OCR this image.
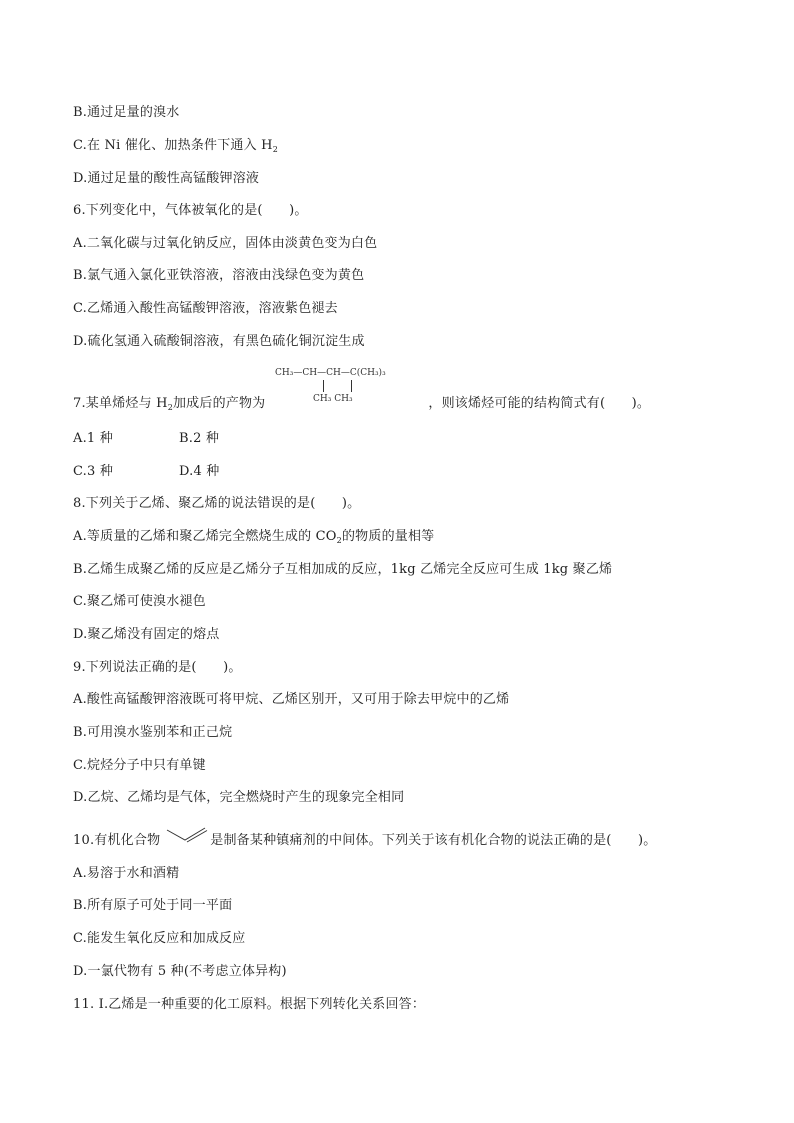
B.通过足量的溴水
C.在 Ni 催化、加热条件下通入 $H_2$
D.通过足量的酸性高锰酸钾溶液
6.下列变化中，气体被氧化的是(　　)。
A.二氧化碳与过氧化钠反应，固体由淡黄色变为白色
B.氯气通入氯化亚铁溶液，溶液由浅绿色变为黄色
C.乙烯通入酸性高锰酸钾溶液，溶液紫色褪去
D.硫化氢通入硫酸铜溶液，有黑色硫化铜沉淀生成
7.某单烯烃与 $H_2$加成后的产物为	，则该烯烃可能的结构简式有(　　)。
CH₃—CH—CH—C(CH₃)₃
CH₃ CH₃
A.1 种	B.2 种
C.3 种	D.4 种
8.下列关于乙烯、聚乙烯的说法错误的是(　　)。
A.等质量的乙烯和聚乙烯完全燃烧生成的 $CO_2$的物质的量相等
B.乙烯生成聚乙烯的反应是乙烯分子互相加成的反应，1kg 乙烯完全反应可生成 1kg 聚乙烯
C.聚乙烯可使溴水褪色
D.聚乙烯没有固定的熔点
9.下列说法正确的是(　　)。
A.酸性高锰酸钾溶液既可将甲烷、乙烯区别开，又可用于除去甲烷中的乙烯
B.可用溴水鉴别苯和正己烷
C.烷烃分子中只有单键
D.乙烷、乙烯均是气体，完全燃烧时产生的现象完全相同
10.有机化合物	是制备某种镇痛剂的中间体。下列关于该有机化合物的说法正确的是(　　)。
A.易溶于水和酒精
B.所有原子可处于同一平面
C.能发生氧化反应和加成反应
D.一氯代物有 5 种(不考虑立体异构)
11. Ⅰ.乙烯是一种重要的化工原料。根据下列转化关系回答：
